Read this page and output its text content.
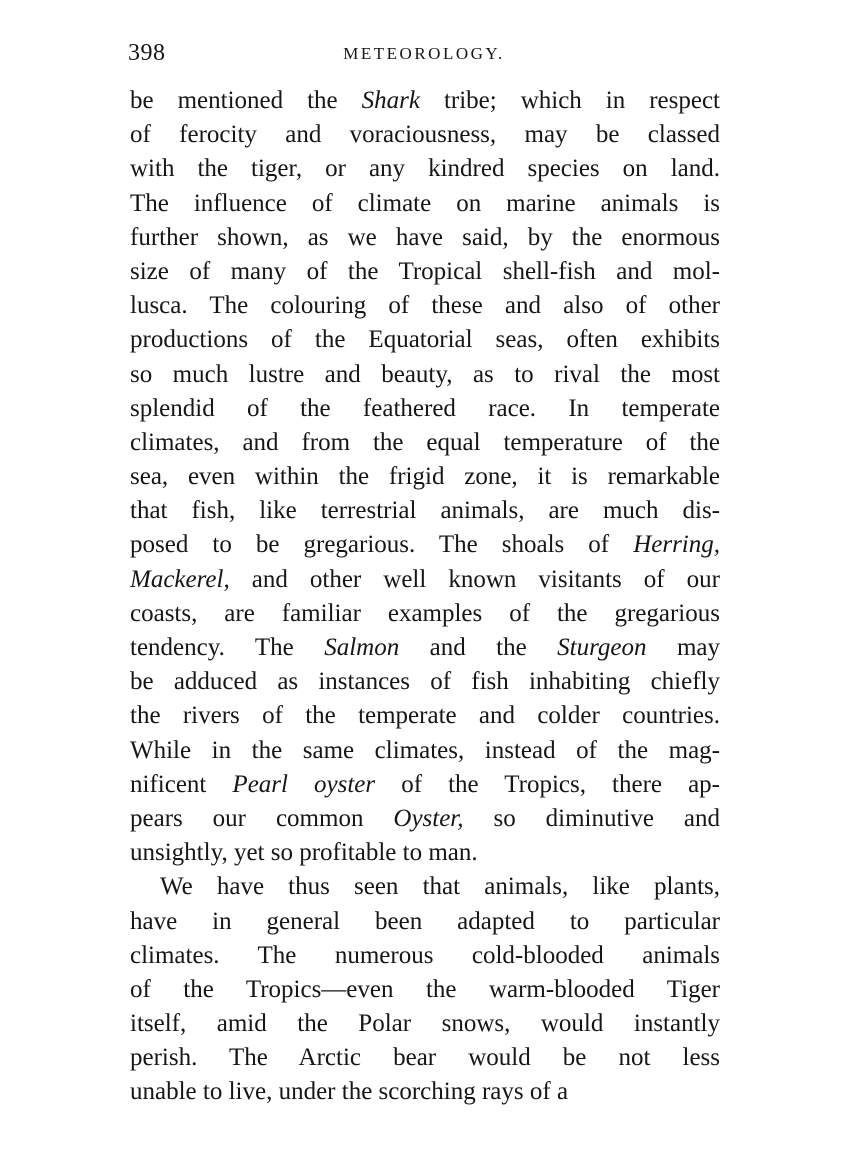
398	METEOROLOGY.
be mentioned the Shark tribe; which in respect
of ferocity and voraciousness, may be classed
with the tiger, or any kindred species on land.
The influence of climate on marine animals is
further shown, as we have said, by the enormous
size of many of the Tropical shell-fish and mol-
lusca. The colouring of these and also of other
productions of the Equatorial seas, often exhibits
so much lustre and beauty, as to rival the most
splendid of the feathered race. In temperate
climates, and from the equal temperature of the
sea, even within the frigid zone, it is remarkable
that fish, like terrestrial animals, are much dis-
posed to be gregarious. The shoals of Herring,
Mackerel, and other well known visitants of our
coasts, are familiar examples of the gregarious
tendency. The Salmon and the Sturgeon may
be adduced as instances of fish inhabiting chiefly
the rivers of the temperate and colder countries.
While in the same climates, instead of the mag-
nificent Pearl oyster of the Tropics, there ap-
pears our common Oyster, so diminutive and
unsightly, yet so profitable to man.
We have thus seen that animals, like plants,
have in general been adapted to particular
climates. The numerous cold-blooded animals
of the Tropics—even the warm-blooded Tiger
itself, amid the Polar snows, would instantly
perish. The Arctic bear would be not less
unable to live, under the scorching rays of a
